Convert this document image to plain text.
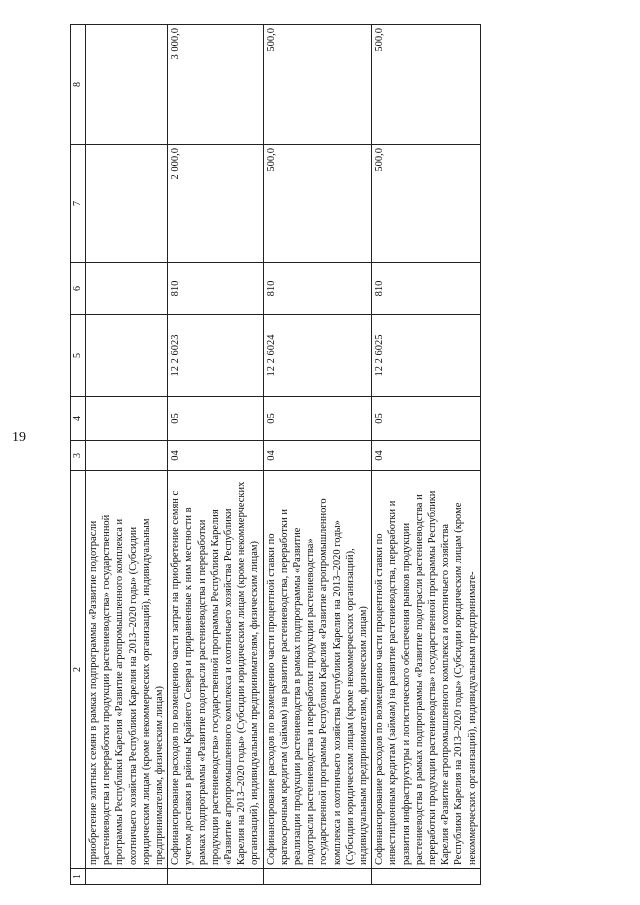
19
1	2	3	4	5	6	7	8
	приобретение элитных семян в рамках подпрограммы «Развитие подотрасли растениеводства и переработки продукции растениеводства» государственной программы Республики Карелия «Развитие агропромышленного комплекса и охотничьего хозяйства Республики Карелия на 2013–2020 годы» (Субсидии юридическим лицам (кроме некоммерческих организаций), индивидуальным предпринимателям, физическим лицам)						
	Софинансирование расходов по возмещению части затрат на приобретение семян с учетом доставки в районы Крайнего Севера и приравненные к ним местности в рамках подпрограммы «Развитие подотрасли растениеводства и переработки продукции растениеводства» государственной программы Республики Карелия «Развитие агропромышленного комплекса и охотничьего хозяйства Республики Карелия на 2013–2020 годы» (Субсидии юридическим лицам (кроме некоммерческих организаций), индивидуальным предпринимателям, физическим лицам)	04	05	12 2 6023	810	2 000,0	3 000,0
	Софинансирование расходов по возмещению части процентной ставки по краткосрочным кредитам (займам) на развитие растениеводства, переработки и реализации продукции растениеводства в рамках подпрограммы «Развитие подотрасли растениеводства и переработки продукции растениеводства» государственной программы Республики Карелия «Развитие агропромышленного комплекса и охотничьего хозяйства Республики Карелия на 2013–2020 годы» (Субсидии юридическим лицам (кроме некоммерческих организаций), индивидуальным предпринимателям, физическим лицам)	04	05	12 2 6024	810	500,0	500,0
	Софинансирование расходов по возмещению части процентной ставки по инвестиционным кредитам (займам) на развитие растениеводства, переработки и развития инфраструктуры и логистического обеспечения рынков продукции растениеводства в рамках подпрограммы «Развитие подотрасли растениеводства и переработки продукции растениеводства» государственной программы Республики Карелия «Развитие агропромышленного комплекса и охотничьего хозяйства Республики Карелия на 2013–2020 годы» (Субсидии юридическим лицам (кроме некоммерческих организаций), индивидуальным предпринимате-	04	05	12 2 6025	810	500,0	500,0
